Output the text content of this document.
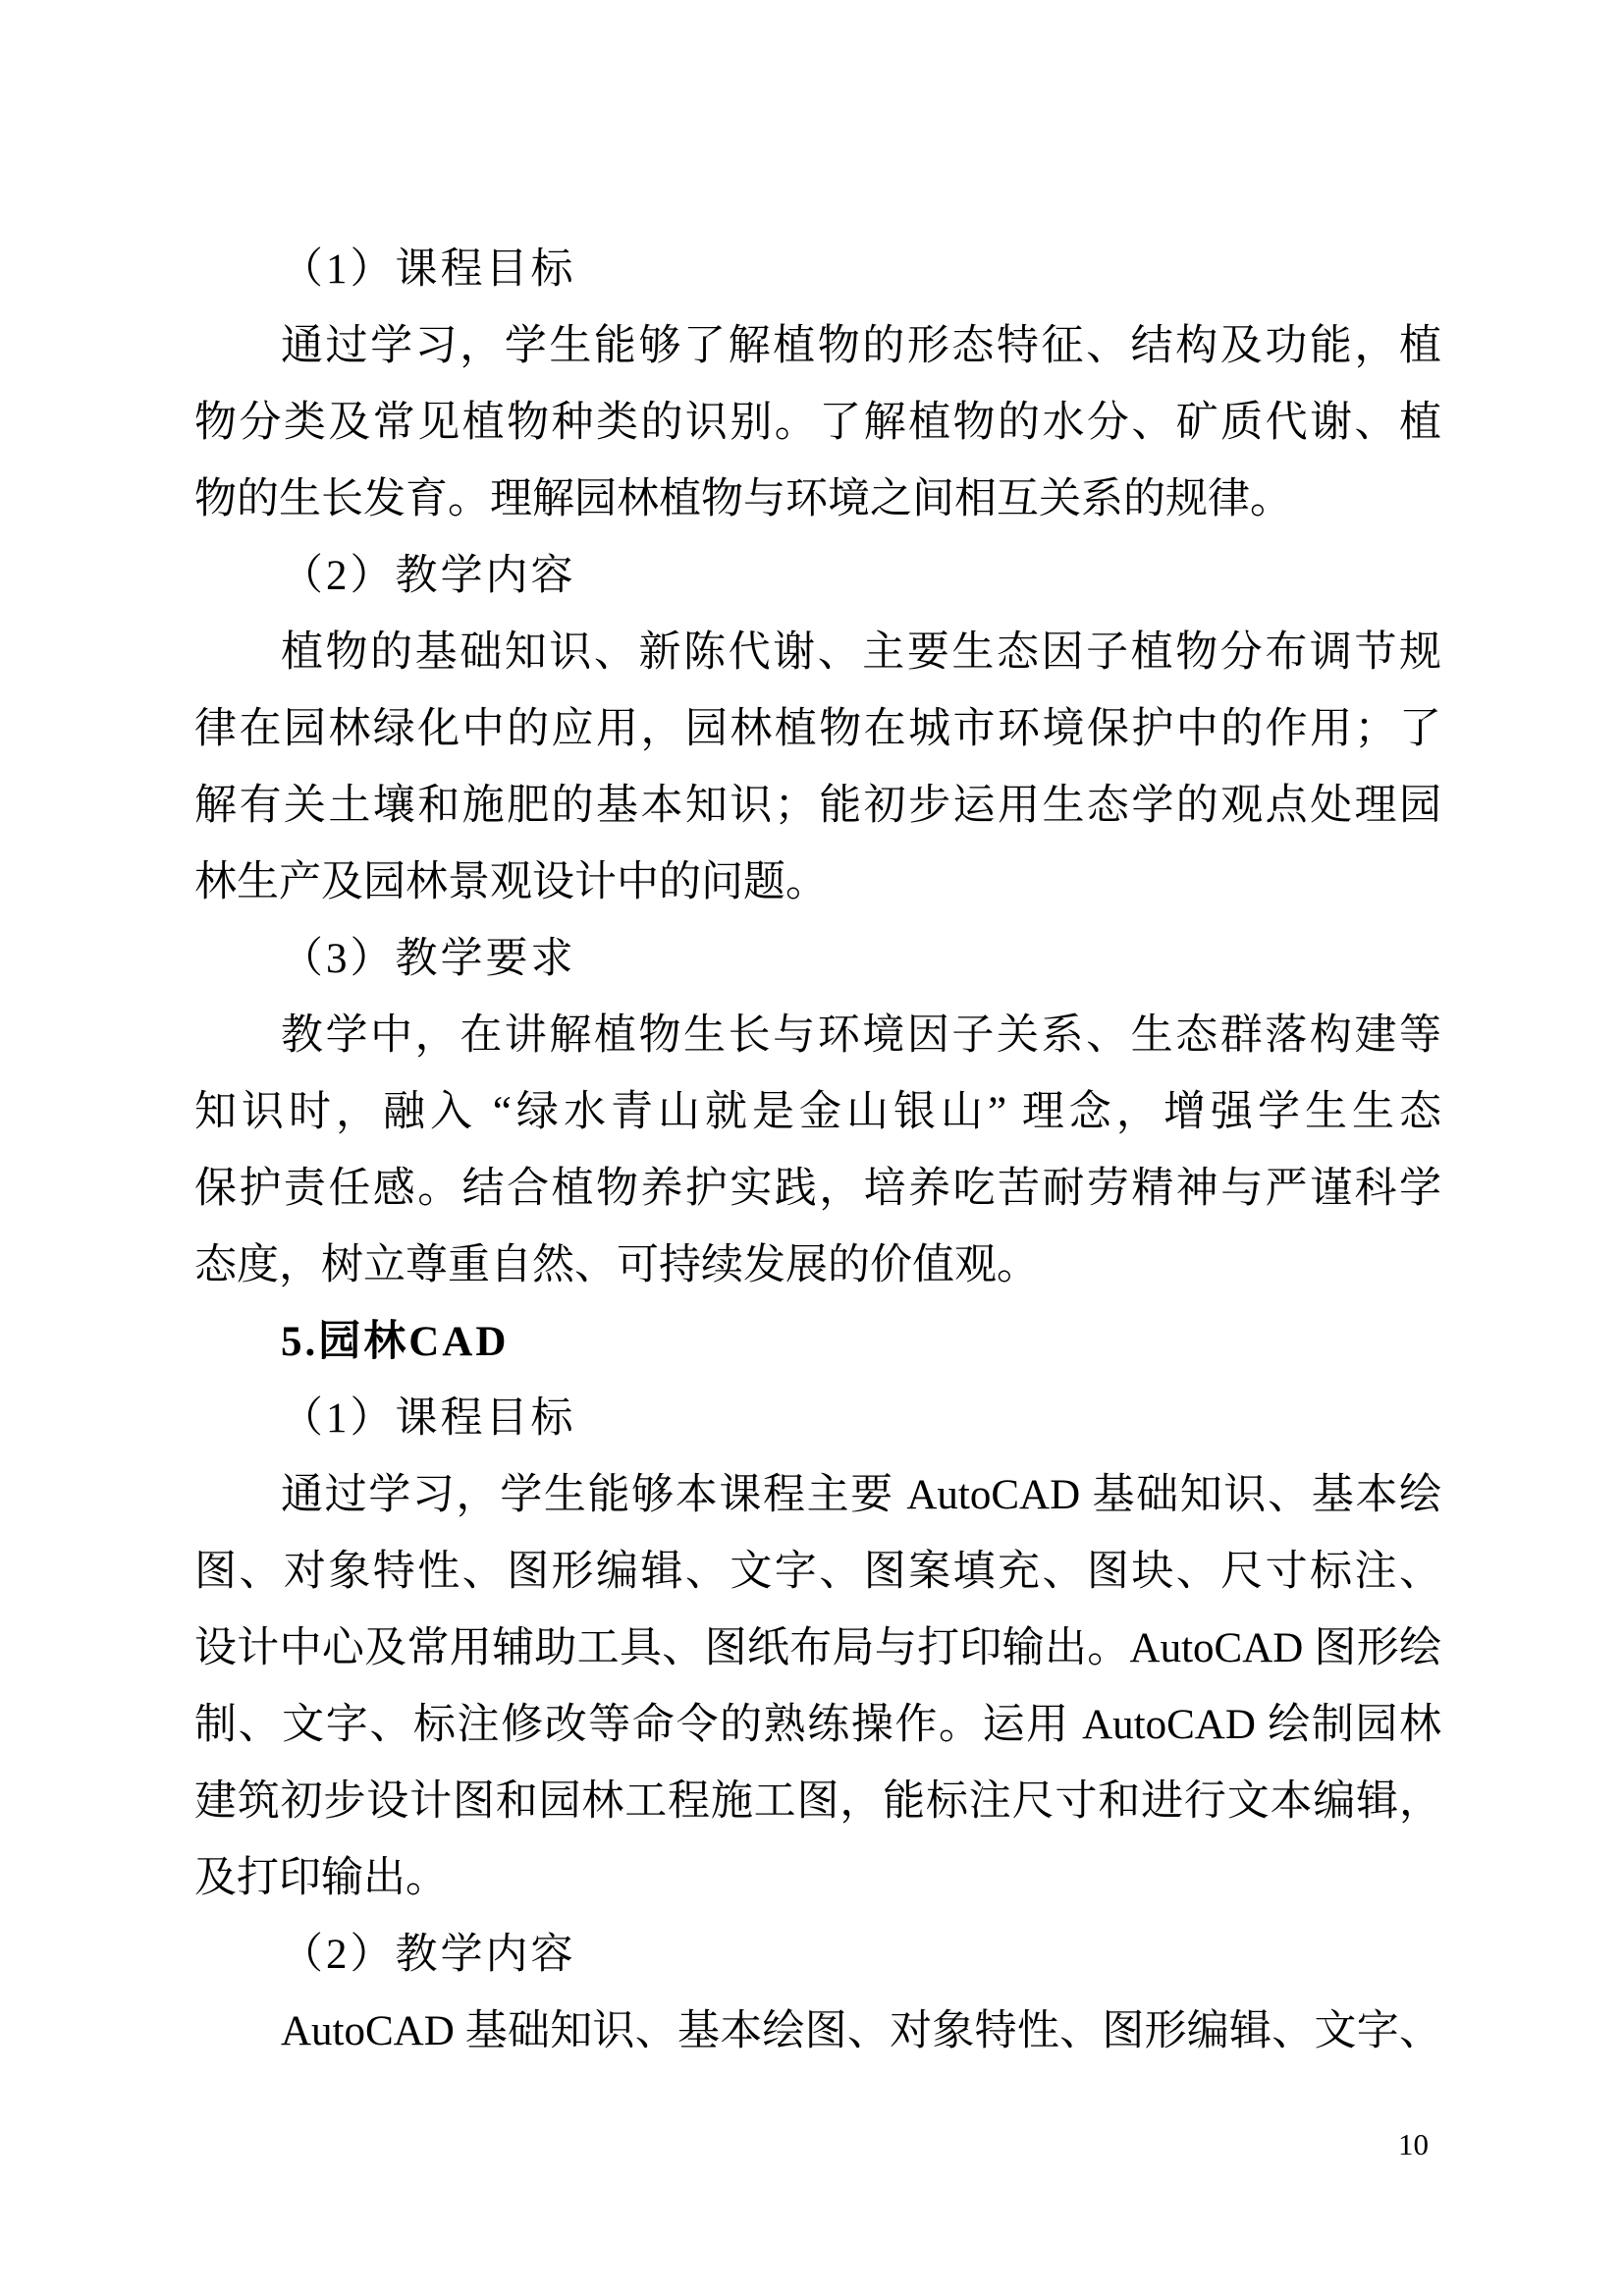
（1）课程目标
通过学习，学生能够了解植物的形态特征、结构及功能，植
物分类及常见植物种类的识别。了解植物的水分、矿质代谢、植
物的生长发育。理解园林植物与环境之间相互关系的规律。
（2）教学内容
植物的基础知识、新陈代谢、主要生态因子植物分布调节规
律在园林绿化中的应用，园林植物在城市环境保护中的作用；了
解有关土壤和施肥的基本知识；能初步运用生态学的观点处理园
林生产及园林景观设计中的问题。
（3）教学要求
教学中，在讲解植物生长与环境因子关系、生态群落构建等
知识时，融入 “绿水青山就是金山银山” 理念，增强学生生态
保护责任感。结合植物养护实践，培养吃苦耐劳精神与严谨科学
态度，树立尊重自然、可持续发展的价值观。
5.园林CAD
（1）课程目标
通过学习，学生能够本课程主要 AutoCAD 基础知识、基本绘
图、对象特性、图形编辑、文字、图案填充、图块、尺寸标注、
设计中心及常用辅助工具、图纸布局与打印输出。AutoCAD 图形绘
制、文字、标注修改等命令的熟练操作。运用 AutoCAD 绘制园林
建筑初步设计图和园林工程施工图，能标注尺寸和进行文本编辑，
及打印输出。
（2）教学内容
AutoCAD 基础知识、基本绘图、对象特性、图形编辑、文字、
10
